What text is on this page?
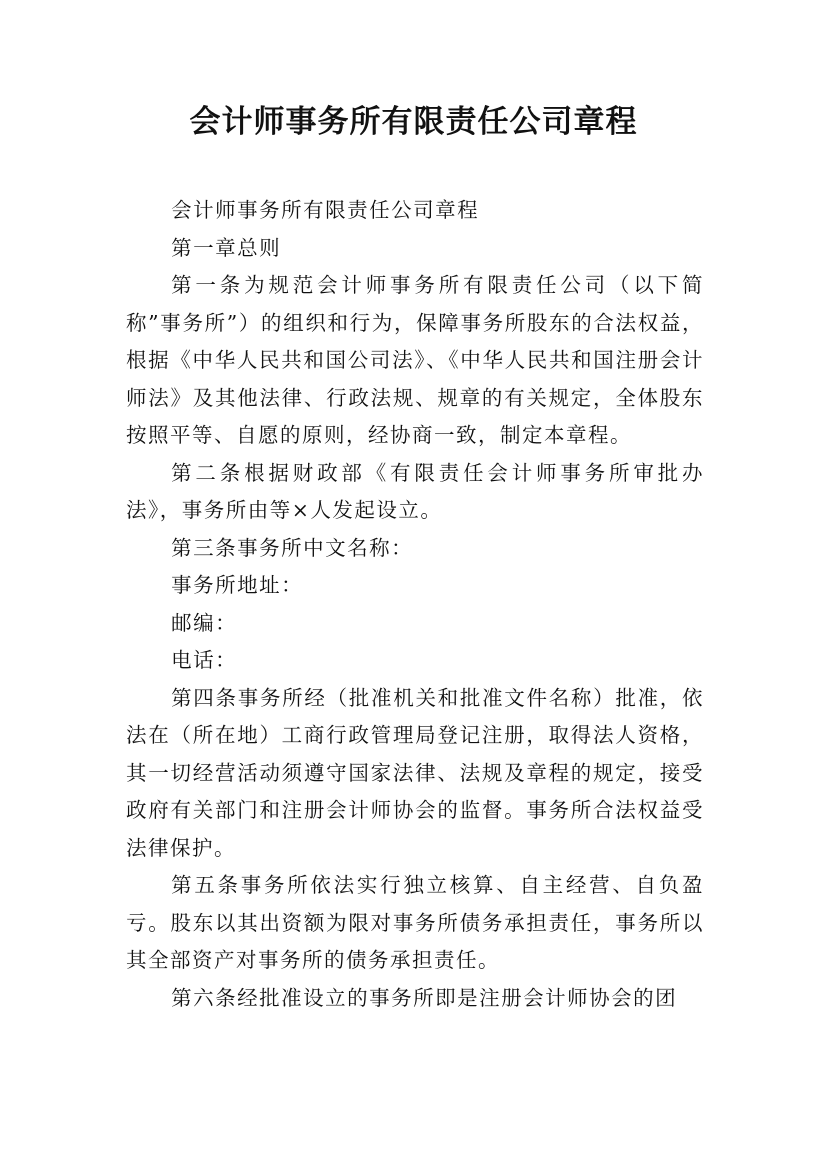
会计师事务所有限责任公司章程

会计师事务所有限责任公司章程

第一章总则

第一条为规范会计师事务所有限责任公司（以下简称”事务所”）的组织和行为，保障事务所股东的合法权益，根据《中华人民共和国公司法》、《中华人民共和国注册会计师法》及其他法律、行政法规、规章的有关规定，全体股东按照平等、自愿的原则，经协商一致，制定本章程。

第二条根据财政部《有限责任会计师事务所审批办法》，事务所由等×人发起设立。

第三条事务所中文名称：

事务所地址：

邮编：

电话：

第四条事务所经（批准机关和批准文件名称）批准，依法在（所在地）工商行政管理局登记注册，取得法人资格，其一切经营活动须遵守国家法律、法规及章程的规定，接受政府有关部门和注册会计师协会的监督。事务所合法权益受法律保护。

第五条事务所依法实行独立核算、自主经营、自负盈亏。股东以其出资额为限对事务所债务承担责任，事务所以其全部资产对事务所的债务承担责任。

第六条经批准设立的事务所即是注册会计师协会的团
